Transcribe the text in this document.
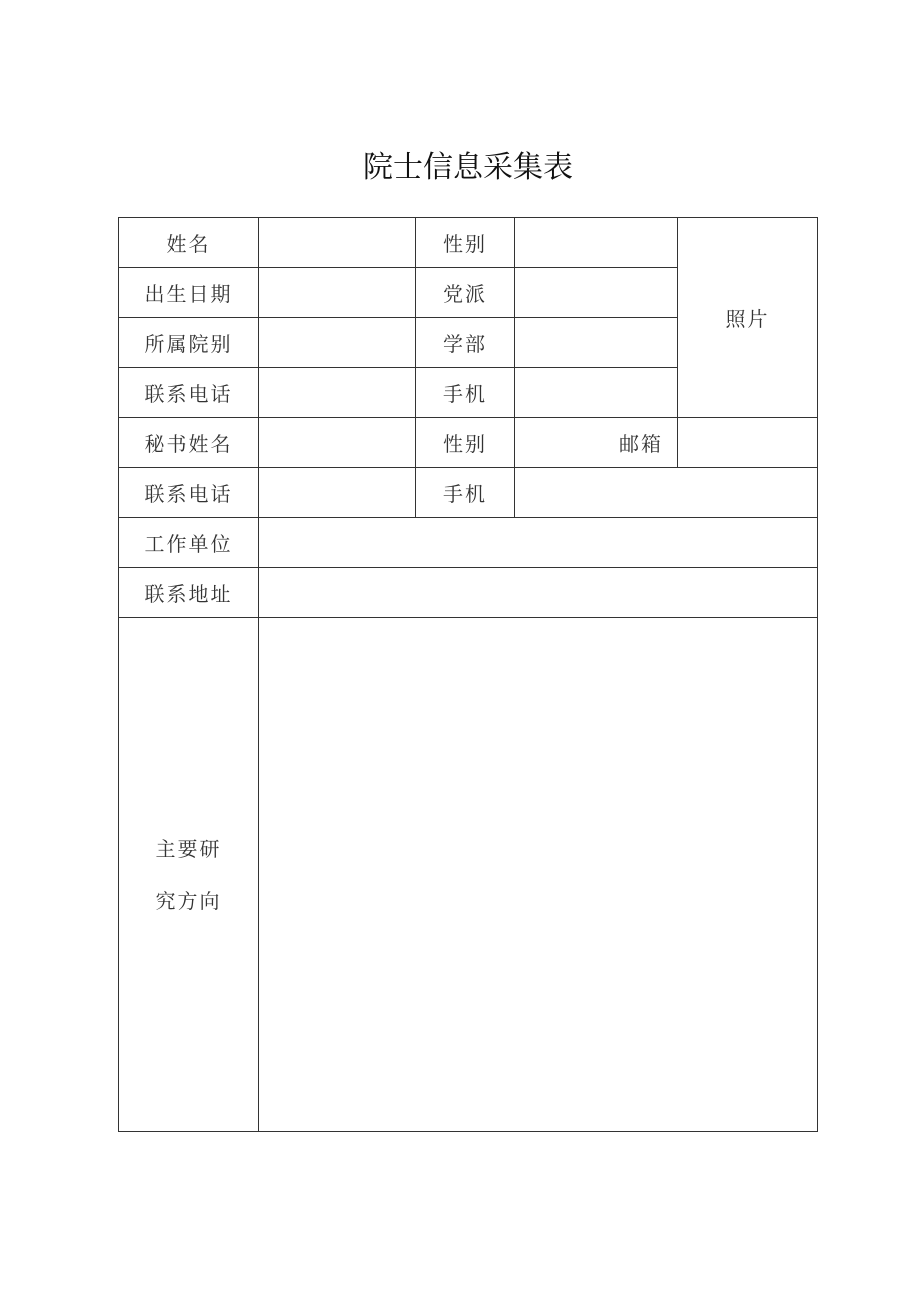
院士信息采集表
姓名		性别		照片
出生日期		党派		
所属院别		学部		
联系电话		手机		
秘书姓名		性别	邮箱	
联系电话		手机		
工作单位				
联系地址				

主要研
究方向				
